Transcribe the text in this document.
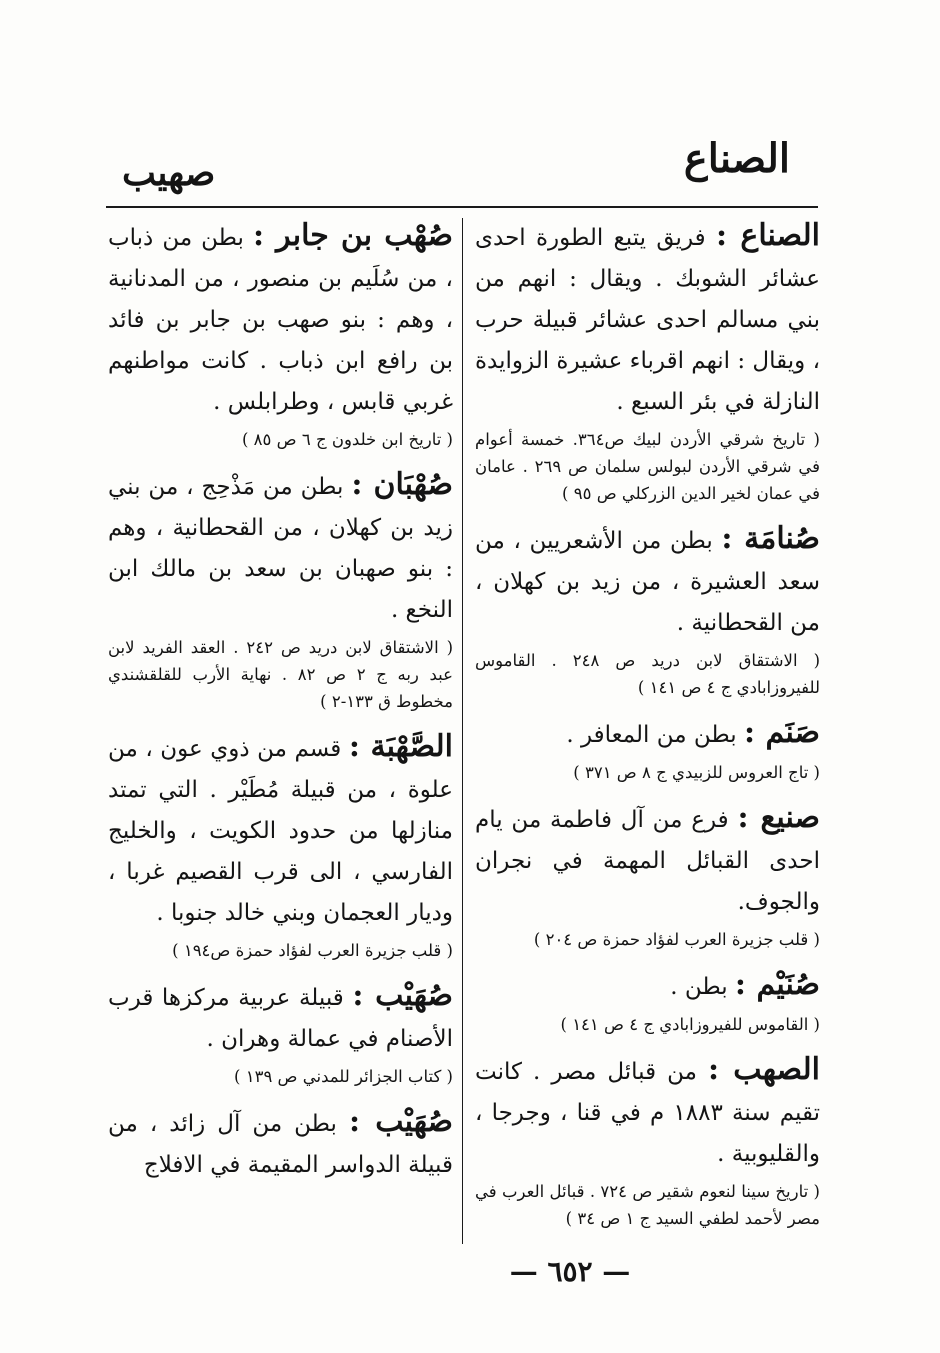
الصناع
صهيب
الصناع : فريق يتبع الطورة احدى عشائر الشوبك . ويقال : انهم من بني مسالم احدى عشائر قبيلة حرب ، ويقال : انهم اقرباء عشيرة الزوايدة النازلة في بئر السبع .
( تاريخ شرقي الأردن لبيك ص٣٦٤. خمسة أعوام في شرقي الأردن لبولس سلمان ص ٢٦٩ . عامان في عمان لخير الدين الزركلي ص ٩٥ )
صُنامَة : بطن من الأشعريين ، من سعد العشيرة ، من زيد بن كهلان ، من القحطانية .
( الاشتقاق لابن دريد ص ٢٤٨ . القاموس للفيروزابادي ج ٤ ص ١٤١ )
صَنَم : بطن من المعافر .
( تاج العروس للزبيدي ج ٨ ص ٣٧١ )
صنيع : فرع من آل فاطمة من يام احدى القبائل المهمة في نجران والجوف.
( قلب جزيرة العرب لفؤاد حمزة ص ٢٠٤ )
صُنَيْم : بطن .
( القاموس للفيروزابادي ج ٤ ص ١٤١ )
الصهب : من قبائل مصر . كانت تقيم سنة ١٨٨٣ م في قنا ، وجرجا ، والقليوبية .
( تاريخ سينا لنعوم شقير ص ٧٢٤ . قبائل العرب في مصر لأحمد لطفي السيد ج ١ ص ٣٤ )
صُهْب بن جابر : بطن من ذباب ، من سُلَيم بن منصور ، من المدنانية ، وهم : بنو صهب بن جابر بن فائد بن رافع ابن ذباب . كانت مواطنهم غربي قابس ، وطرابلس .
( تاريخ ابن خلدون ج ٦ ص ٨٥ )
صُهْبَان : بطن من مَذْحِج ، من بني زيد بن كهلان ، من القحطانية ، وهم : بنو صهبان بن سعد بن مالك ابن النخع .
( الاشتقاق لابن دريد ص ٢٤٢ . العقد الفريد لابن عبد ربه ج ٢ ص ٨٢ . نهاية الأرب للقلقشندي مخطوط ق ١٣٣-٢ )
الصَّهْبَة : قسم من ذوي عون ، من علوة ، من قبيلة مُطَيْر . التي تمتد منازلها من حدود الكويت ، والخليج الفارسي ، الى قرب القصيم غربا ، وديار العجمان وبني خالد جنوبا .
( قلب جزيرة العرب لفؤاد حمزة ص١٩٤ )
صُهَيْب : قبيلة عربية مركزها قرب الأصنام في عمالة وهران .
( كتاب الجزائر للمدني ص ١٣٩ )
صُهَيْب : بطن من آل زائد ، من قبيلة الدواسر المقيمة في الافلاج
— ٦٥٢ —
